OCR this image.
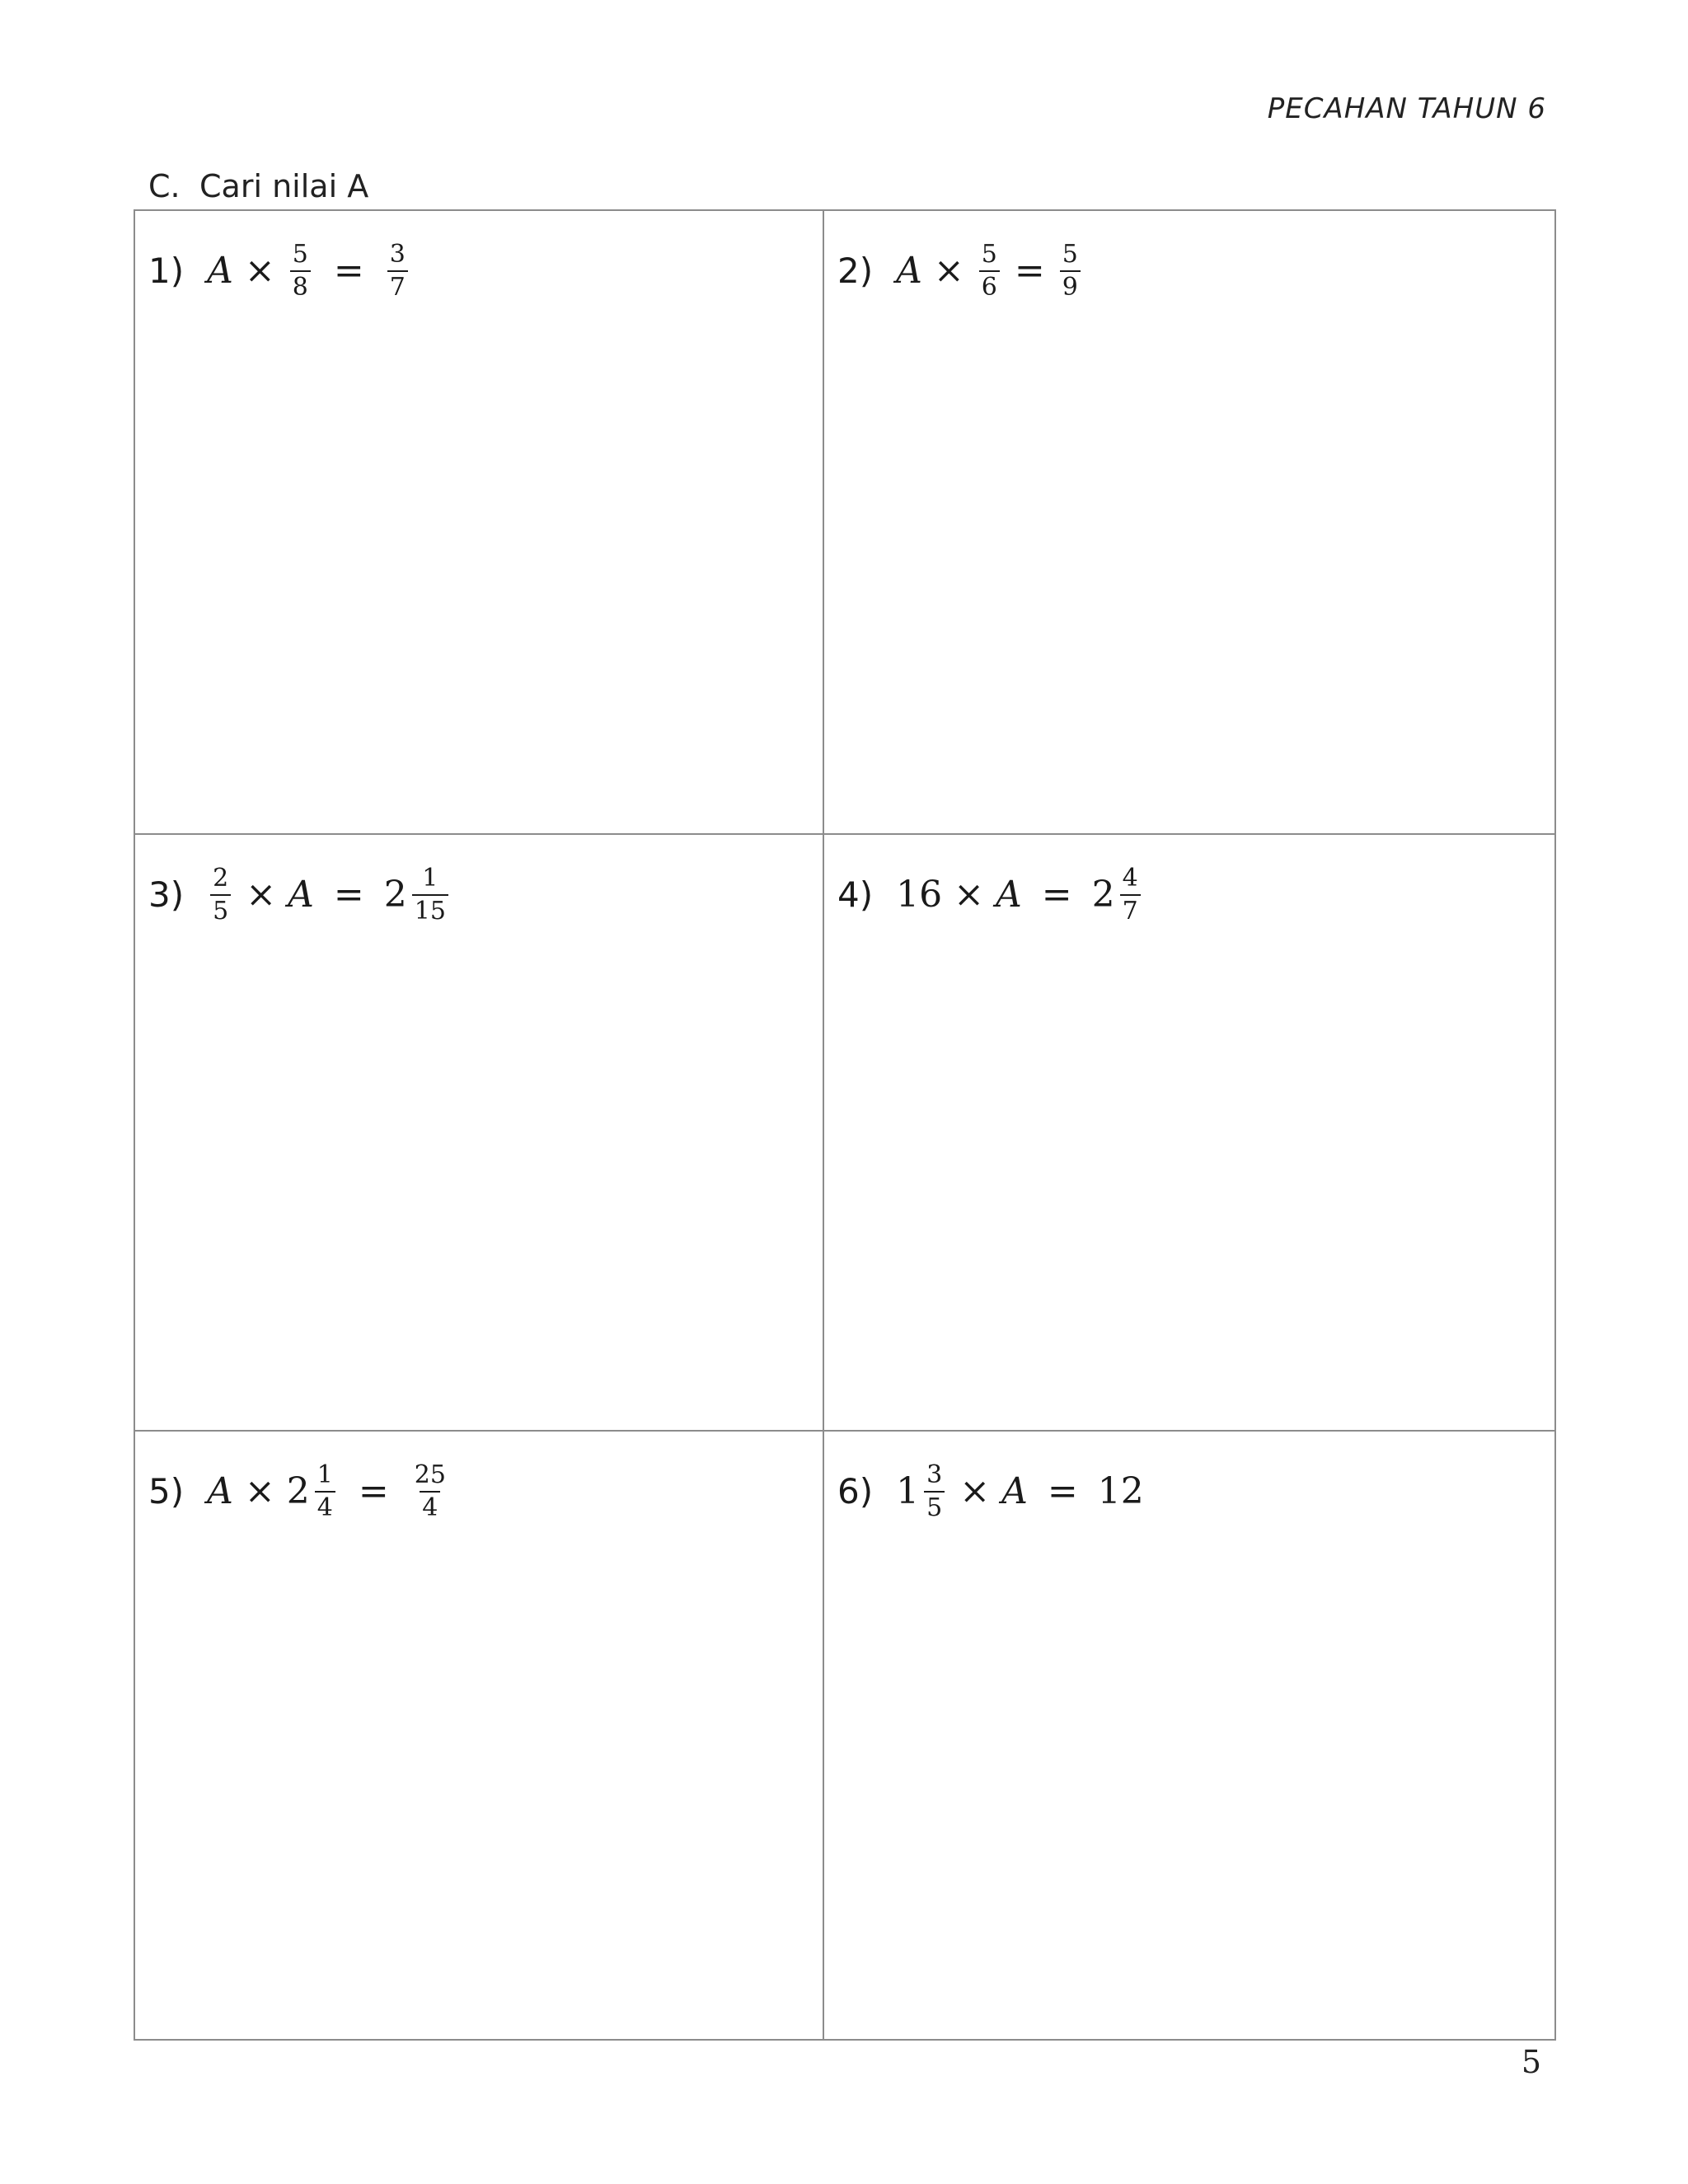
PECAHAN TAHUN 6
C. Cari nilai A
1) $A \times \frac{5}{8} = \frac{3}{7}$	2) $A \times \frac{5}{6} = \frac{5}{9}$
$3) \frac{2}{5} \times A = 2 \frac{1}{15}$	4) $16 \times A = 2 \frac{4}{7}$
5) $A \times 2 \frac{1}{4} = \frac{25}{4}$	6) $1 \frac{3}{5} \times A = 12$
5
